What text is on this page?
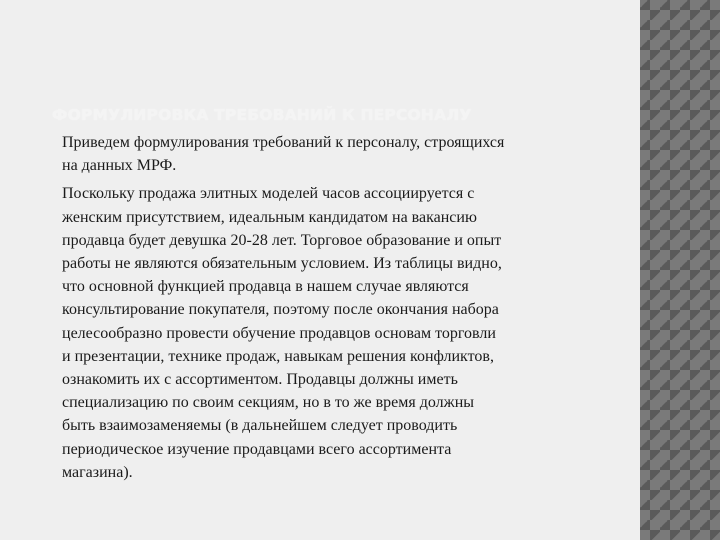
ФОРМУЛИРОВКА ТРЕБОВАНИЙ К ПЕРСОНАЛУ
Приведем формулирования требований к персоналу, строящихся
на данных МРФ.
Поскольку продажа элитных моделей часов ассоциируется с
женским присутствием, идеальным кандидатом на вакансию
продавца будет девушка 20-28 лет. Торговое образование и опыт
работы не являются обязательным условием. Из таблицы видно,
что основной функцией продавца в нашем случае являются
консультирование покупателя, поэтому после окончания набора
целесообразно провести обучение продавцов основам торговли
и презентации, технике продаж, навыкам решения конфликтов,
ознакомить их с ассортиментом. Продавцы должны иметь
специализацию по своим секциям, но в то же время должны
быть взаимозаменяемы (в дальнейшем следует проводить
периодическое изучение продавцами всего ассортимента
магазина).
